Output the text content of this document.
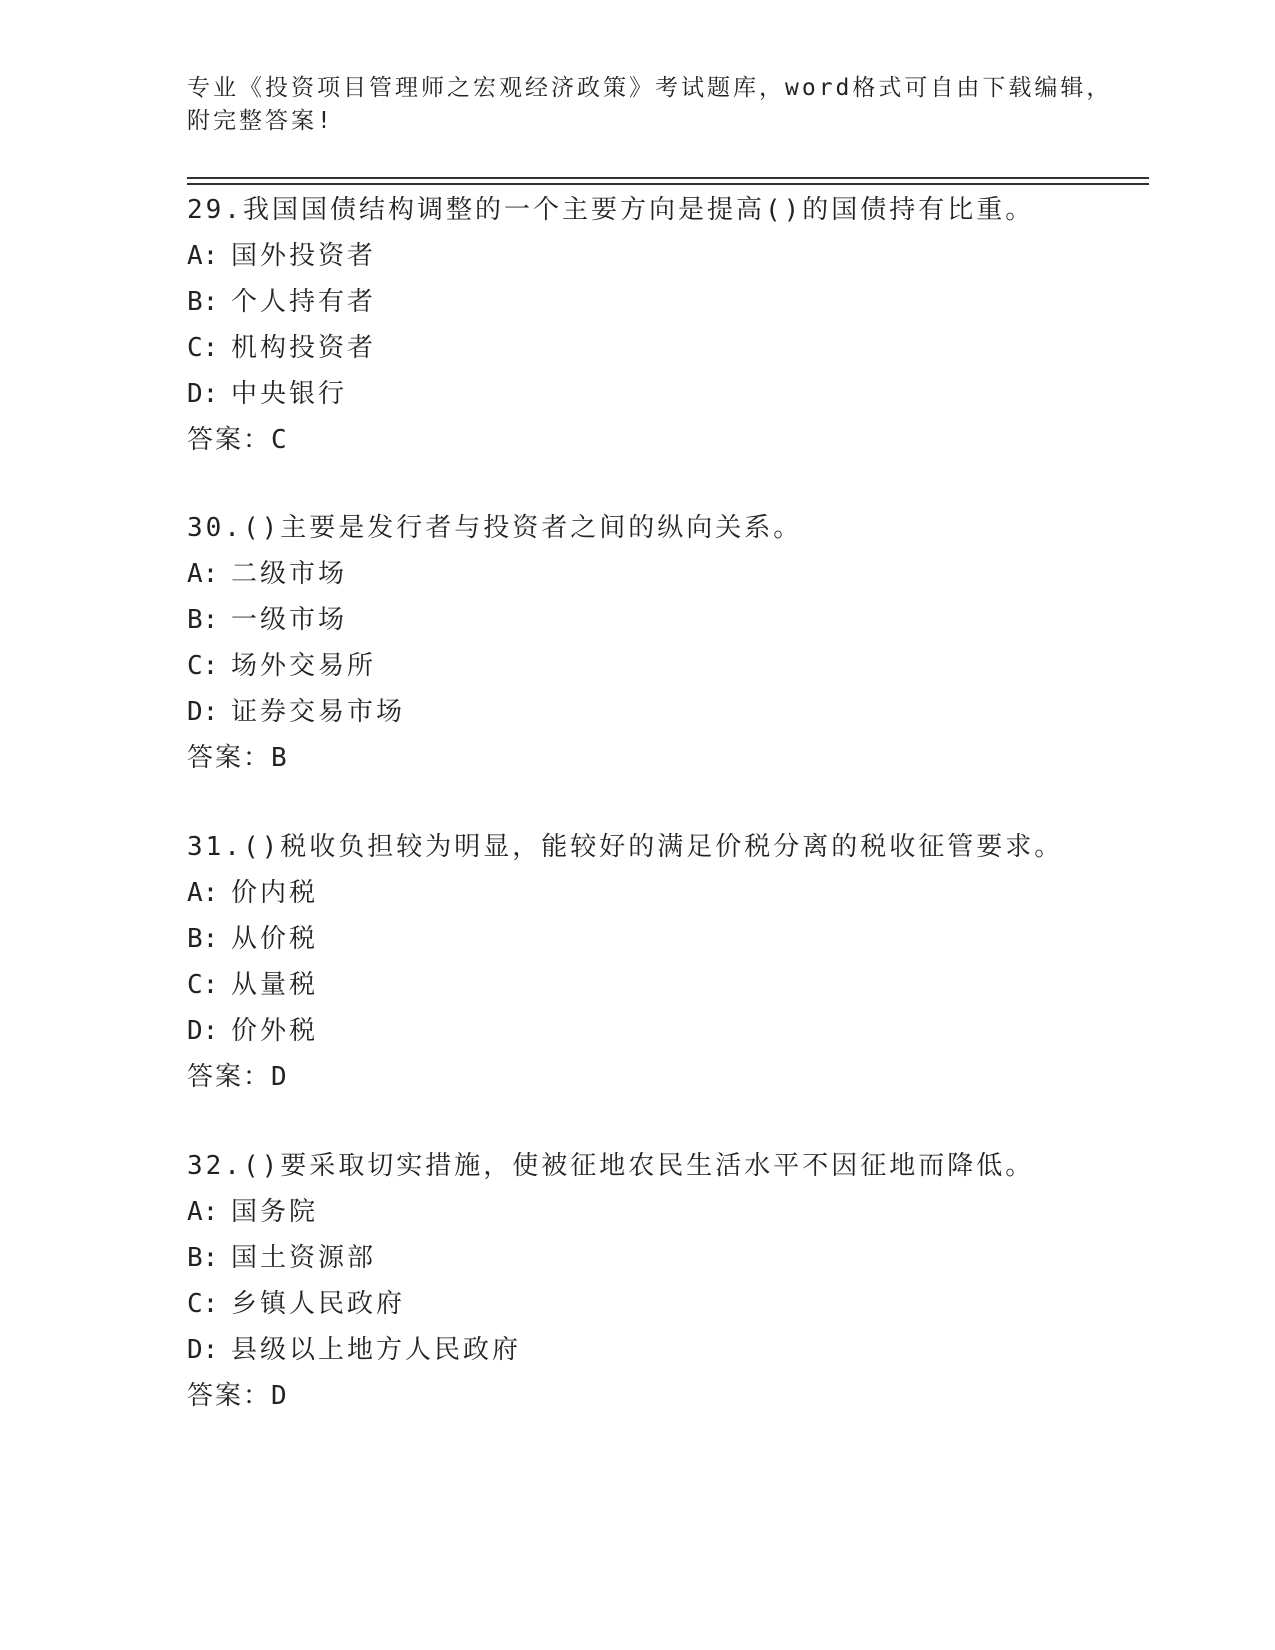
专业《投资项目管理师之宏观经济政策》考试题库，word格式可自由下载编辑，
附完整答案!
29.我国国债结构调整的一个主要方向是提高()的国债持有比重。
A: 国外投资者
B: 个人持有者
C: 机构投资者
D: 中央银行
答案：C
30.()主要是发行者与投资者之间的纵向关系。
A: 二级市场
B: 一级市场
C: 场外交易所
D: 证券交易市场
答案：B
31.()税收负担较为明显，能较好的满足价税分离的税收征管要求。
A: 价内税
B: 从价税
C: 从量税
D: 价外税
答案：D
32.()要采取切实措施，使被征地农民生活水平不因征地而降低。
A: 国务院
B: 国土资源部
C: 乡镇人民政府
D: 县级以上地方人民政府
答案：D
